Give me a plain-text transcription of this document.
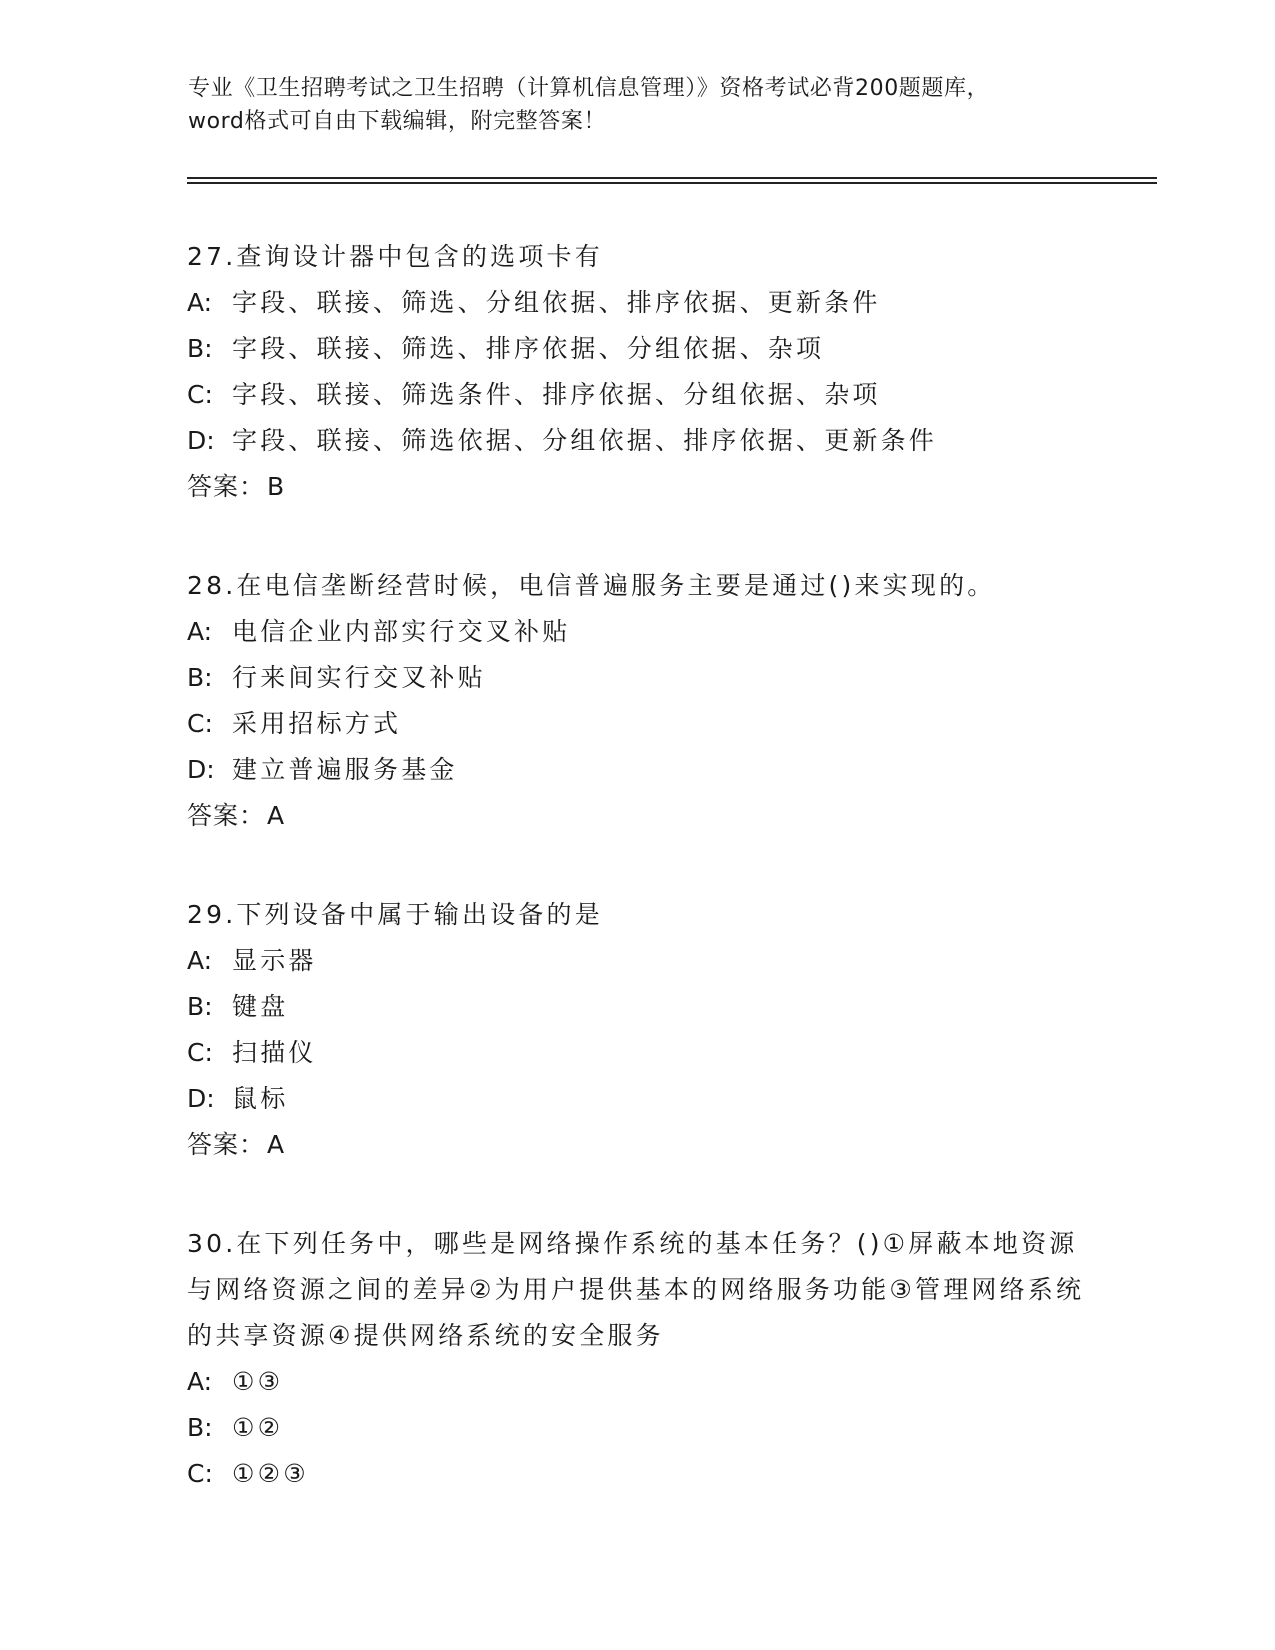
专业《卫生招聘考试之卫生招聘（计算机信息管理）》资格考试必背200题题库，
word格式可自由下载编辑，附完整答案！
27.查询设计器中包含的选项卡有
A: 字段、联接、筛选、分组依据、排序依据、更新条件
B: 字段、联接、筛选、排序依据、分组依据、杂项
C: 字段、联接、筛选条件、排序依据、分组依据、杂项
D: 字段、联接、筛选依据、分组依据、排序依据、更新条件
答案：B
28.在电信垄断经营时候，电信普遍服务主要是通过()来实现的。
A: 电信企业内部实行交叉补贴
B: 行来间实行交叉补贴
C: 采用招标方式
D: 建立普遍服务基金
答案：A
29.下列设备中属于输出设备的是
A: 显示器
B: 键盘
C: 扫描仪
D: 鼠标
答案：A
30.在下列任务中，哪些是网络操作系统的基本任务？()①屏蔽本地资源与网络资源之间的差异②为用户提供基本的网络服务功能③管理网络系统的共享资源④提供网络系统的安全服务
A: ①③
B: ①②
C: ①②③
